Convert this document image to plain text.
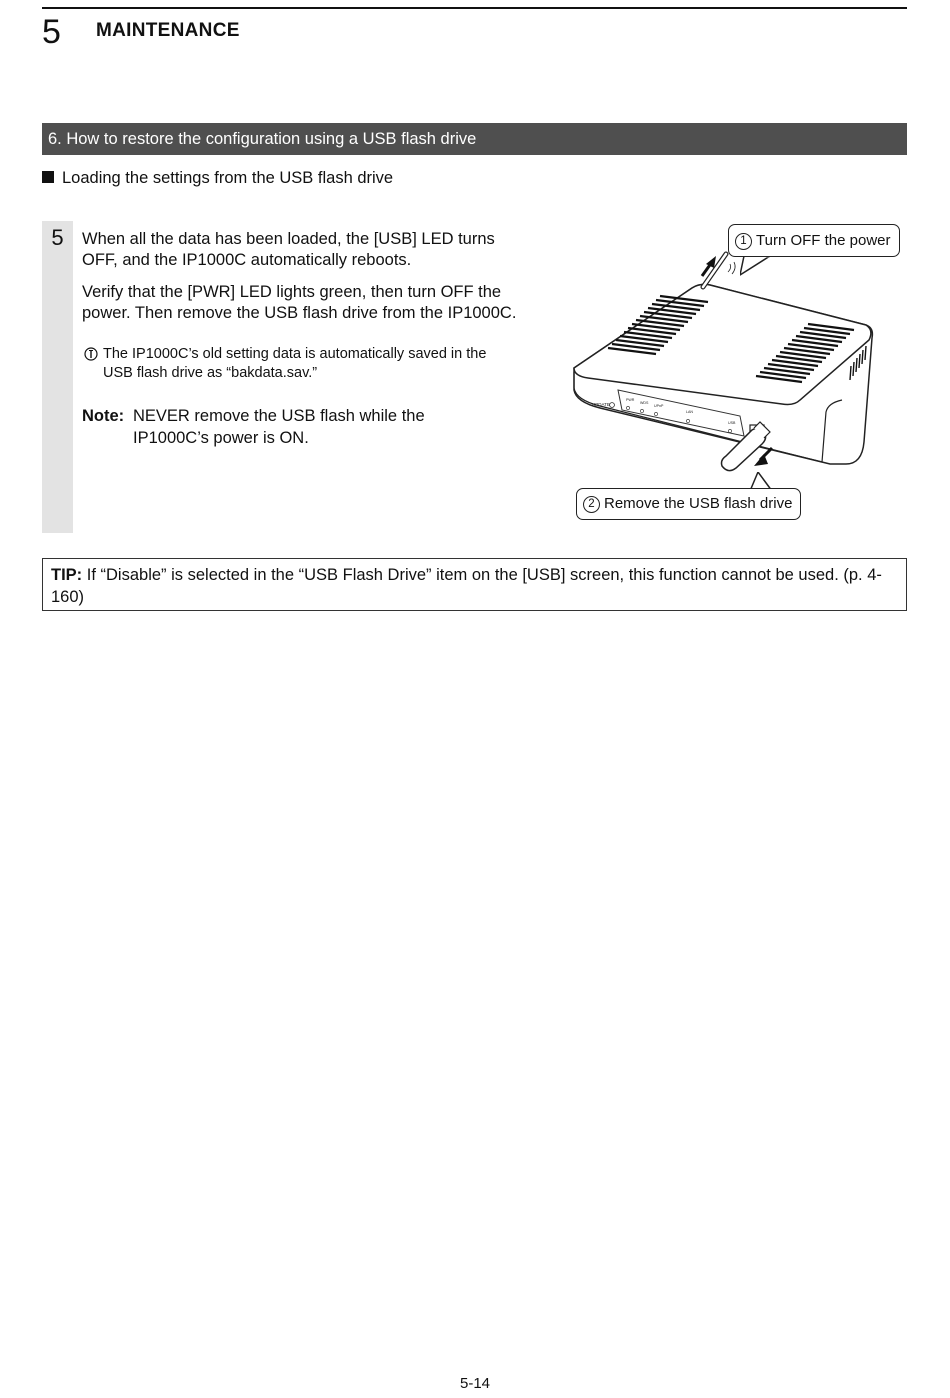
5 MAINTENANCE
6. How to restore the configuration using a USB flash drive
Loading the settings from the USB flash drive
5	When all the data has been loaded, the [USB] LED turns OFF, and the IP1000C automatically reboots.

Verify that the [PWR] LED lights green, then turn OFF the power. Then remove the USB flash drive from the IP1000C.

The IP1000C’s old setting data is automatically saved in the USB flash drive as “bakdata.sav.”
Note: NEVER remove the USB flash while the IP1000C’s power is ON.
UPDATE
PWR
WDS
UPnP
LAN
USB
1 Turn OFF the power
2 Remove the USB flash drive
TIP: If “Disable” is selected in the “USB Flash Drive” item on the [USB] screen, this function cannot be used. (p. 4-160)
5-14
